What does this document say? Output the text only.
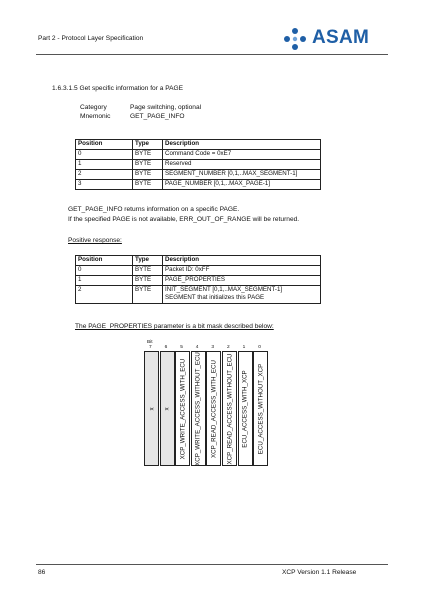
Part 2 - Protocol Layer Specification	ASAM
1.6.3.1.5 Get specific information for a PAGE
Category	Page switching, optional
Mnemonic	GET_PAGE_INFO
Position	Type	Description
0	BYTE	Command Code = 0xE7
1	BYTE	Reserved
2	BYTE	SEGMENT_NUMBER [0,1,..MAX_SEGMENT-1]
3	BYTE	PAGE_NUMBER [0,1,..MAX_PAGE-1]
GET_PAGE_INFO returns information on a specific PAGE.
If the specified PAGE is not available, ERR_OUT_OF_RANGE will be returned.
Positive response:
Position	Type	Description
0	BYTE	Packet ID: 0xFF
1	BYTE	PAGE_PROPERTIES
2	BYTE	INIT_SEGMENT [0,1,..MAX_SEGMENT-1]
SEGMENT that initializes this PAGE
The PAGE_PROPERTIES parameter is a bit mask described below:
Bit
7
x
6
x
5
XCP_WRITE_ACCESS_WITH_ECU
4
XCP_WRITE_ACCESS_WITHOUT_ECU
3
XCP_READ_ACCESS_WITH_ECU
2
XCP_READ_ACCESS_WITHOUT_ECU
1
ECU_ACCESS_WITH_XCP
0
ECU_ACCESS_WITHOUT_XCP
86	XCP Version 1.1 Release
